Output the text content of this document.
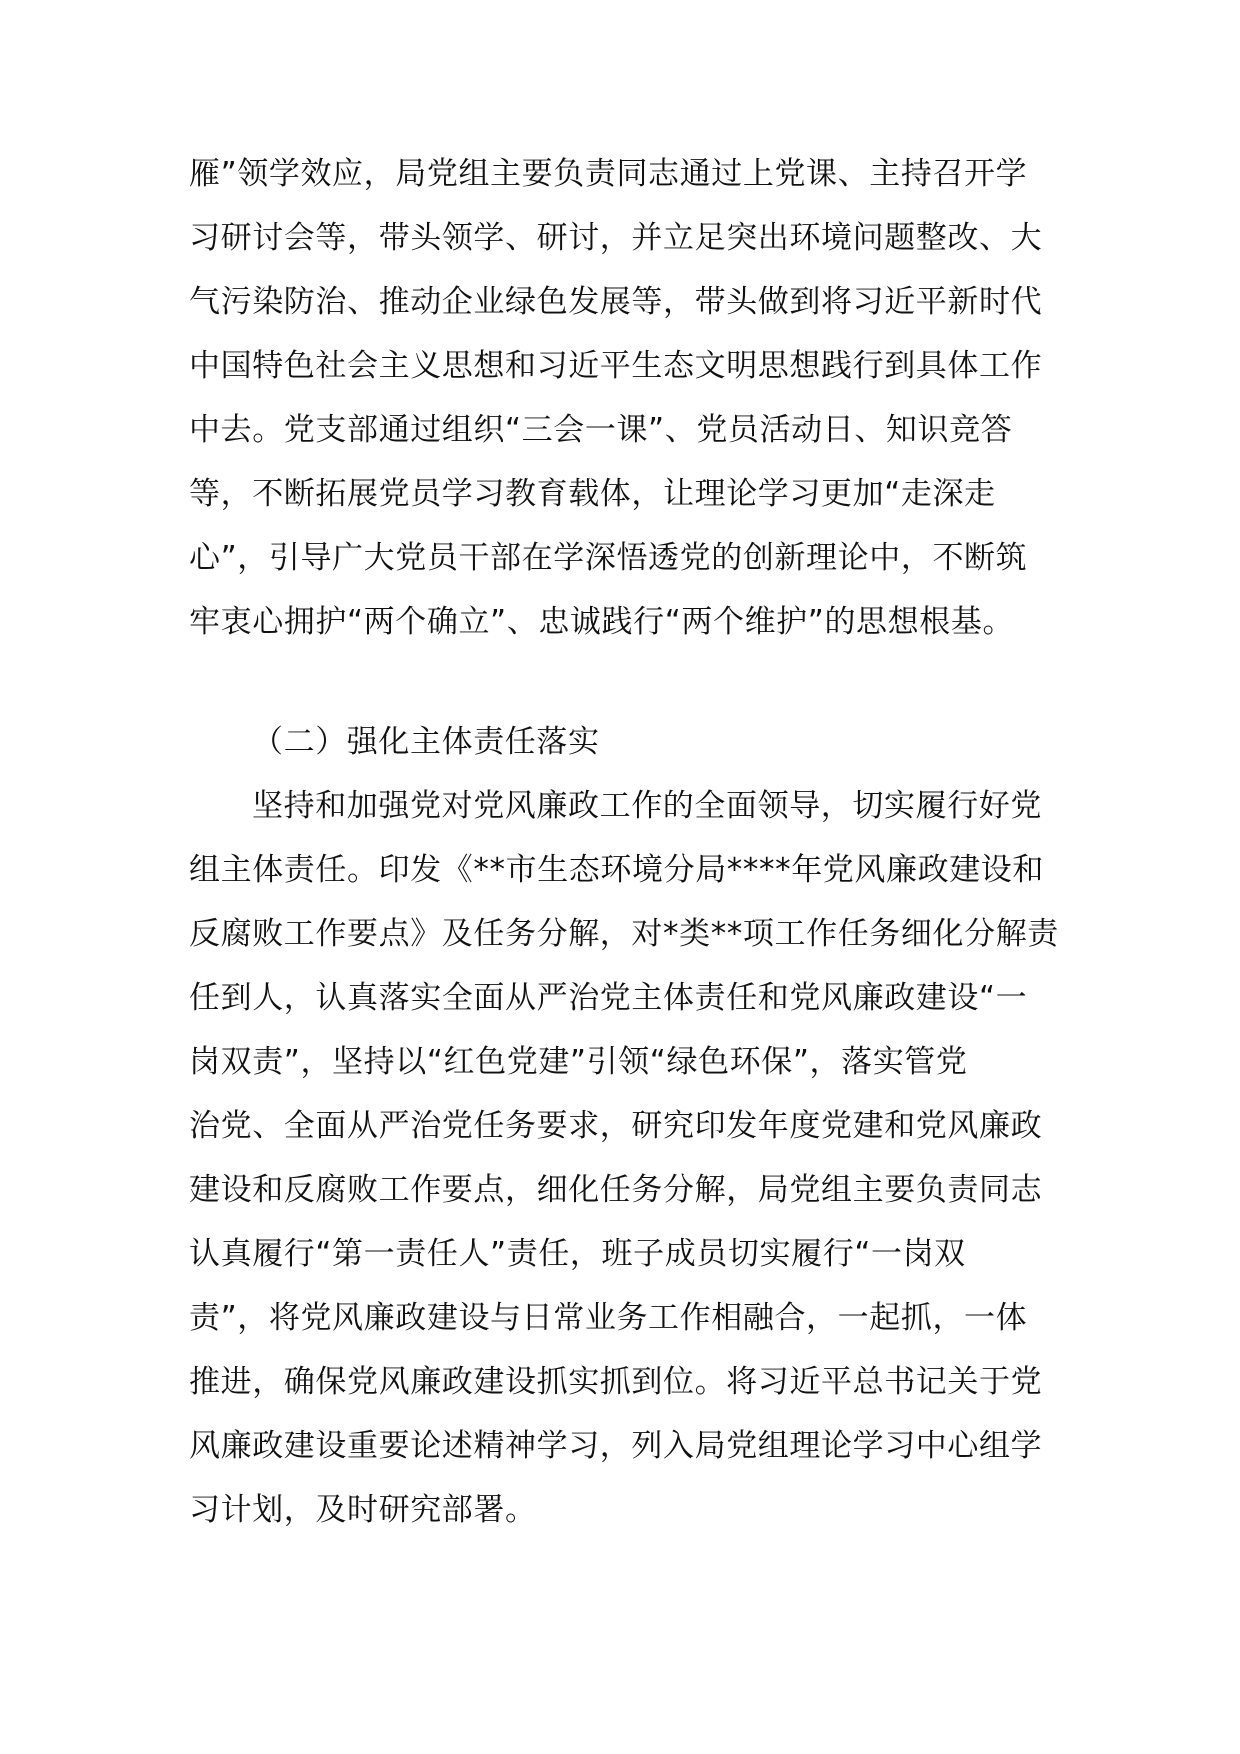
雁”领学效应，局党组主要负责同志通过上党课、主持召开学
习研讨会等，带头领学、研讨，并立足突出环境问题整改、大
气污染防治、推动企业绿色发展等，带头做到将习近平新时代
中国特色社会主义思想和习近平生态文明思想践行到具体工作
中去。党支部通过组织“三会一课”、党员活动日、知识竞答
等，不断拓展党员学习教育载体，让理论学习更加“走深走
心”，引导广大党员干部在学深悟透党的创新理论中，不断筑
牢衷心拥护“两个确立”、忠诚践行“两个维护”的思想根基。
（二）强化主体责任落实
坚持和加强党对党风廉政工作的全面领导，切实履行好党
组主体责任。印发《**市生态环境分局****年党风廉政建设和
反腐败工作要点》及任务分解，对*类**项工作任务细化分解责
任到人，认真落实全面从严治党主体责任和党风廉政建设“一
岗双责”，坚持以“红色党建”引领“绿色环保”，落实管党
治党、全面从严治党任务要求，研究印发年度党建和党风廉政
建设和反腐败工作要点，细化任务分解，局党组主要负责同志
认真履行“第一责任人”责任，班子成员切实履行“一岗双
责”，将党风廉政建设与日常业务工作相融合，一起抓，一体
推进，确保党风廉政建设抓实抓到位。将习近平总书记关于党
风廉政建设重要论述精神学习，列入局党组理论学习中心组学
习计划，及时研究部署。
